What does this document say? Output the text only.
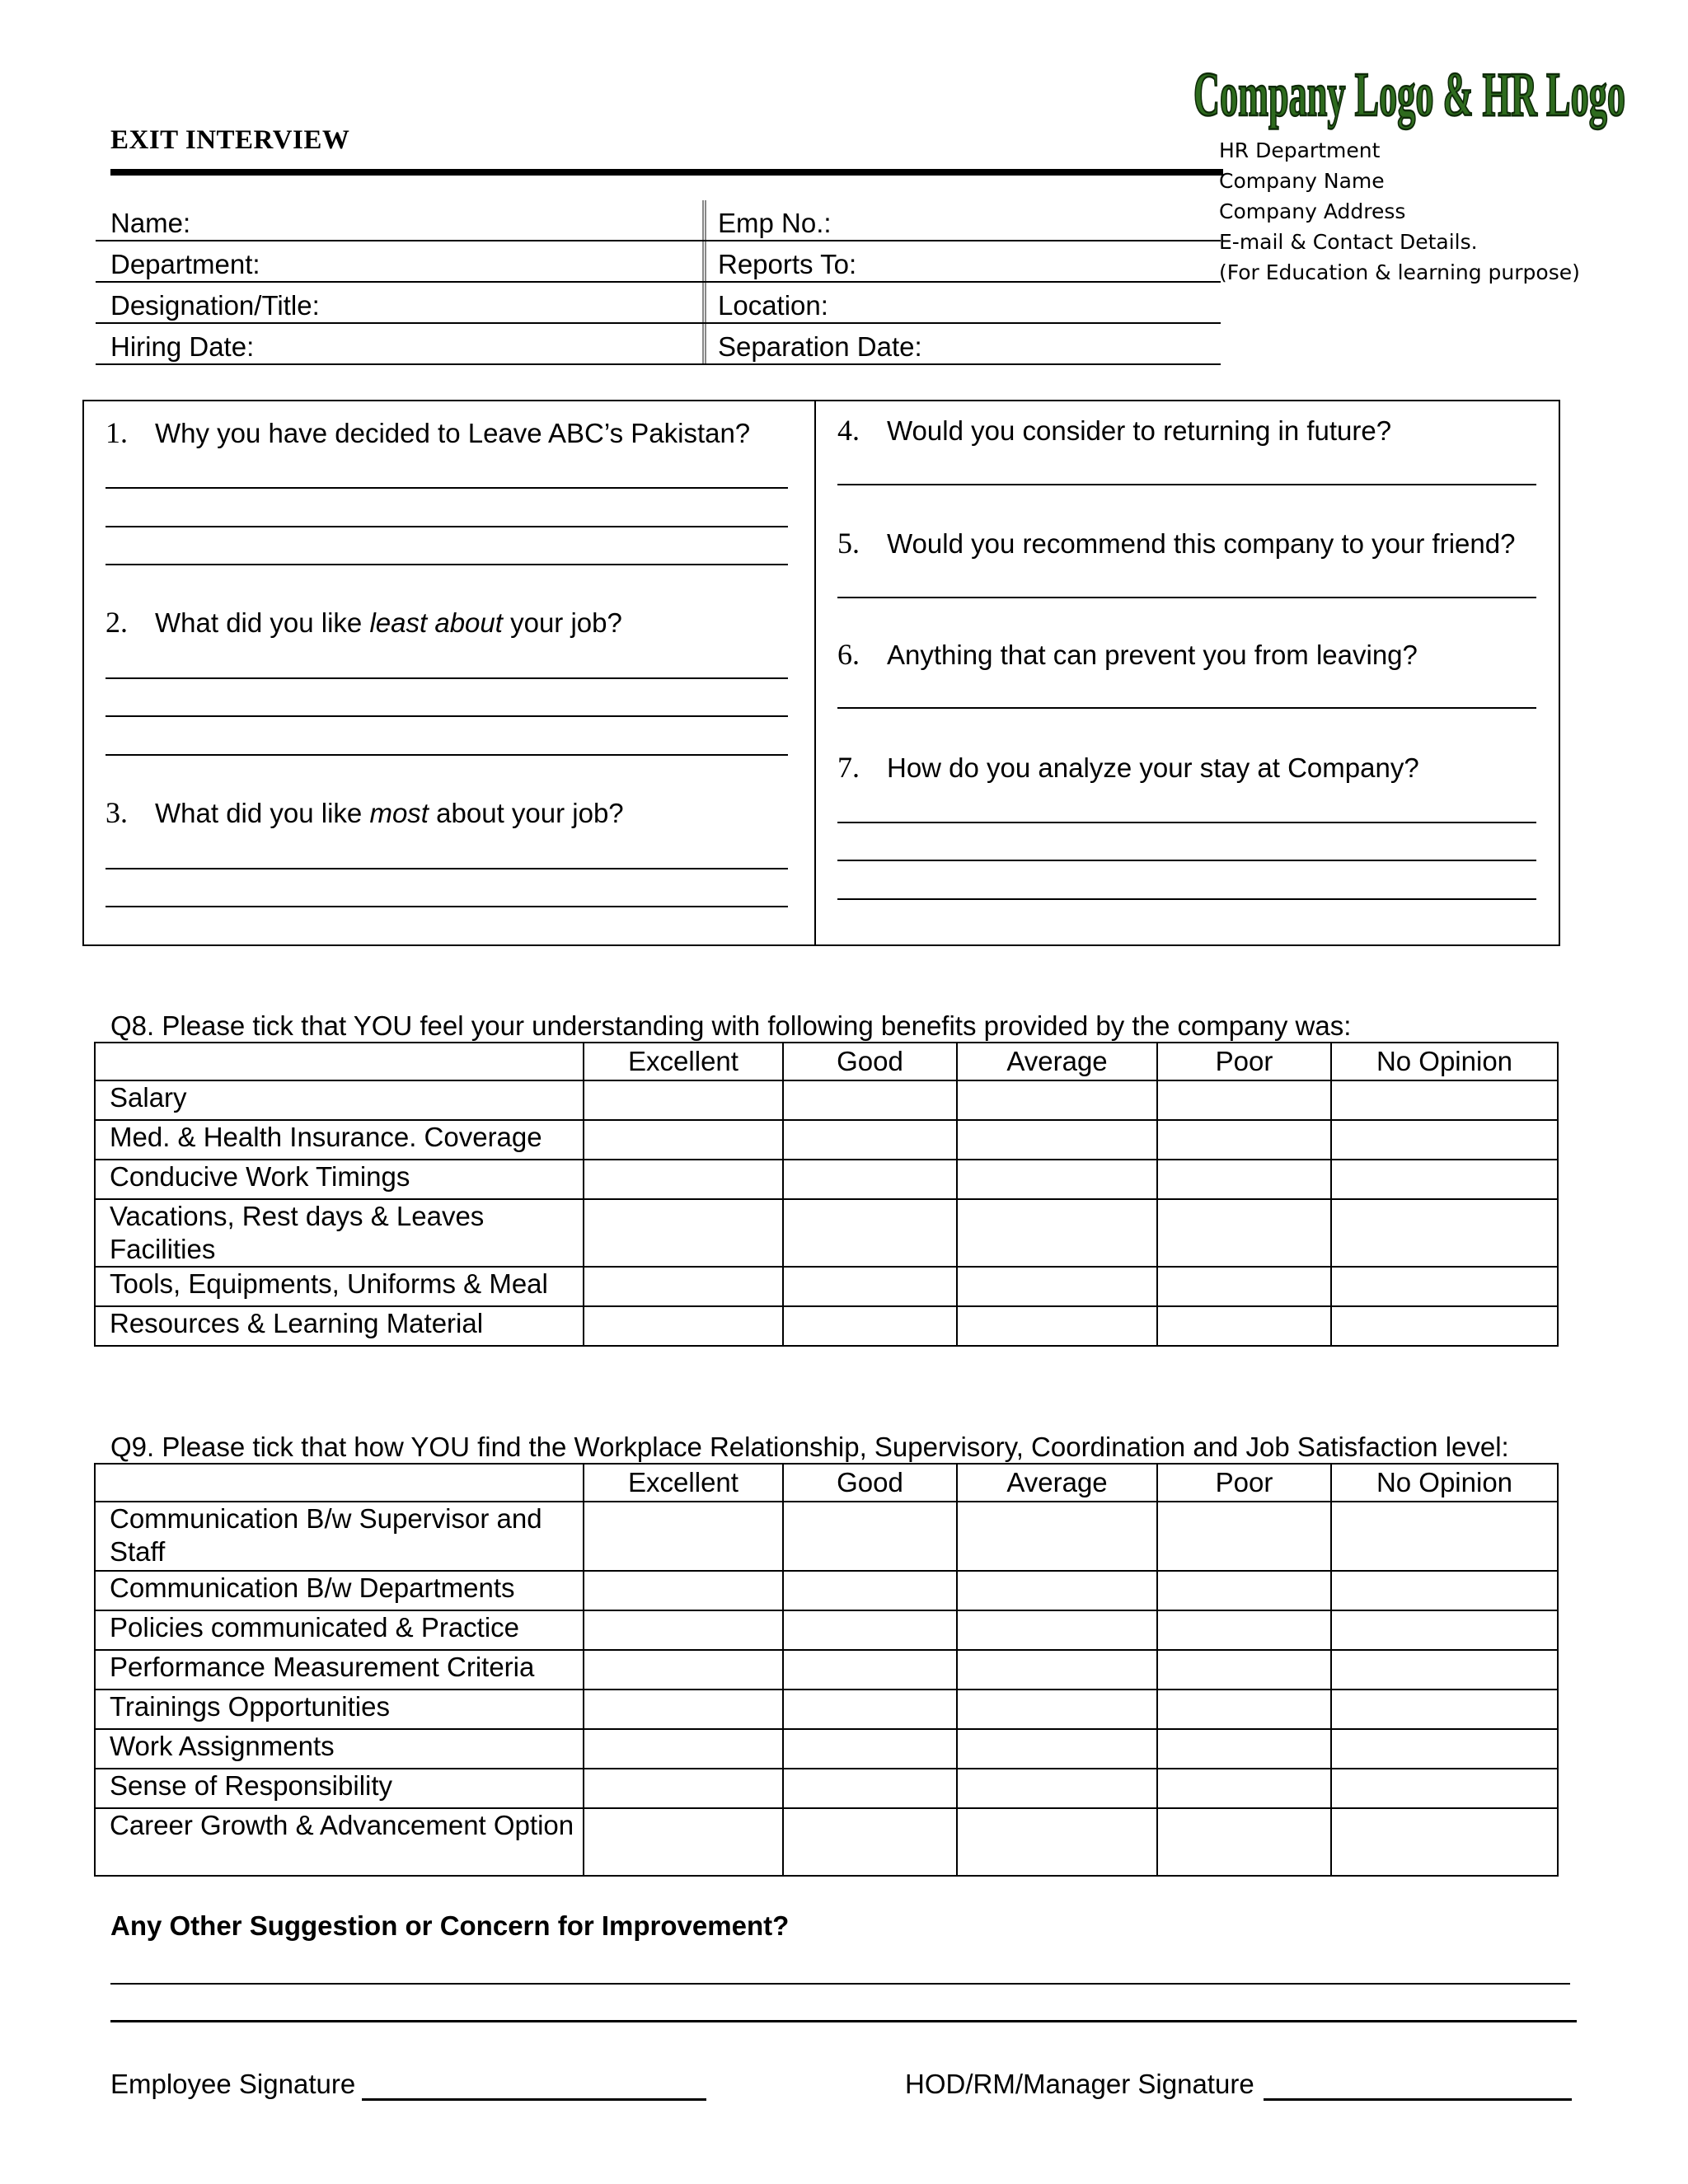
Company Logo & HR Logo
EXIT INTERVIEW	HR Department
Company Name
Company Address
E-mail & Contact Details.
(For Education & learning purpose)
Name:	Emp No.:
Department:	Reports To:
Designation/Title:	Location:
Hiring Date:	Separation Date:
1. Why you have decided to Leave ABC’s Pakistan?
2. What did you like least about your job?
3. What did you like most about your job?
4. Would you consider to returning in future?
5. Would you recommend this company to your friend?
6. Anything that can prevent you from leaving?
7. How do you analyze your stay at Company?
Q8. Please tick that YOU feel your understanding with following benefits provided by the company was:
	Excellent	Good	Average	Poor	No Opinion
Salary					
Med. & Health Insurance. Coverage					
Conducive Work Timings					
Vacations, Rest days & Leaves Facilities					
Tools, Equipments, Uniforms & Meal					
Resources & Learning Material					
Q9. Please tick that how YOU find the Workplace Relationship, Supervisory, Coordination and Job Satisfaction level:
	Excellent	Good	Average	Poor	No Opinion
Communication B/w Supervisor and Staff					
Communication B/w Departments					
Policies communicated & Practice					
Performance Measurement Criteria					
Trainings Opportunities					
Work Assignments					
Sense of Responsibility					
Career Growth & Advancement Option					
Any Other Suggestion or Concern for Improvement?
Employee Signature	HOD/RM/Manager Signature
